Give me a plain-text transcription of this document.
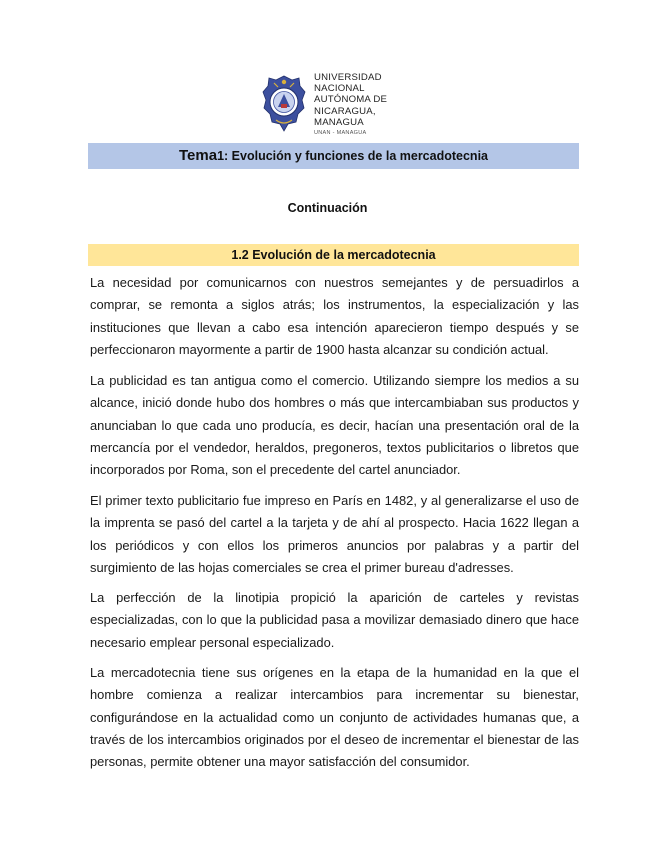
UNIVERSIDAD
NACIONAL
AUTÓNOMA DE
NICARAGUA,
MANAGUA
UNAN - MANAGUA
Tema1: Evolución y funciones de la mercadotecnia
Continuación
1.2 Evolución de la mercadotecnia

La necesidad por comunicarnos con nuestros semejantes y de persuadirlos a comprar, se remonta a siglos atrás; los instrumentos, la especialización y las instituciones que llevan a cabo esa intención aparecieron tiempo después y se perfeccionaron mayormente a partir de 1900 hasta alcanzar su condición actual.

La publicidad es tan antigua como el comercio. Utilizando siempre los medios a su alcance, inició donde hubo dos hombres o más que intercambiaban sus productos y anunciaban lo que cada uno producía, es decir, hacían una presentación oral de la mercancía por el vendedor, heraldos, pregoneros, textos publicitarios o libretos que incorporados por Roma, son el precedente del cartel anunciador.

El primer texto publicitario fue impreso en París en 1482, y al generalizarse el uso de la imprenta se pasó del cartel a la tarjeta y de ahí al prospecto. Hacia 1622 llegan a los periódicos y con ellos los primeros anuncios por palabras y a partir del surgimiento de las hojas comerciales se crea el primer bureau d'adresses.

La perfección de la linotipia propició la aparición de carteles y revistas especializadas, con lo que la publicidad pasa a movilizar demasiado dinero que hace necesario emplear personal especializado.

La mercadotecnia tiene sus orígenes en la etapa de la humanidad en la que el hombre comienza a realizar intercambios para incrementar su bienestar, configurándose en la actualidad como un conjunto de actividades humanas que, a través de los intercambios originados por el deseo de incrementar el bienestar de las personas, permite obtener una mayor satisfacción del consumidor.
